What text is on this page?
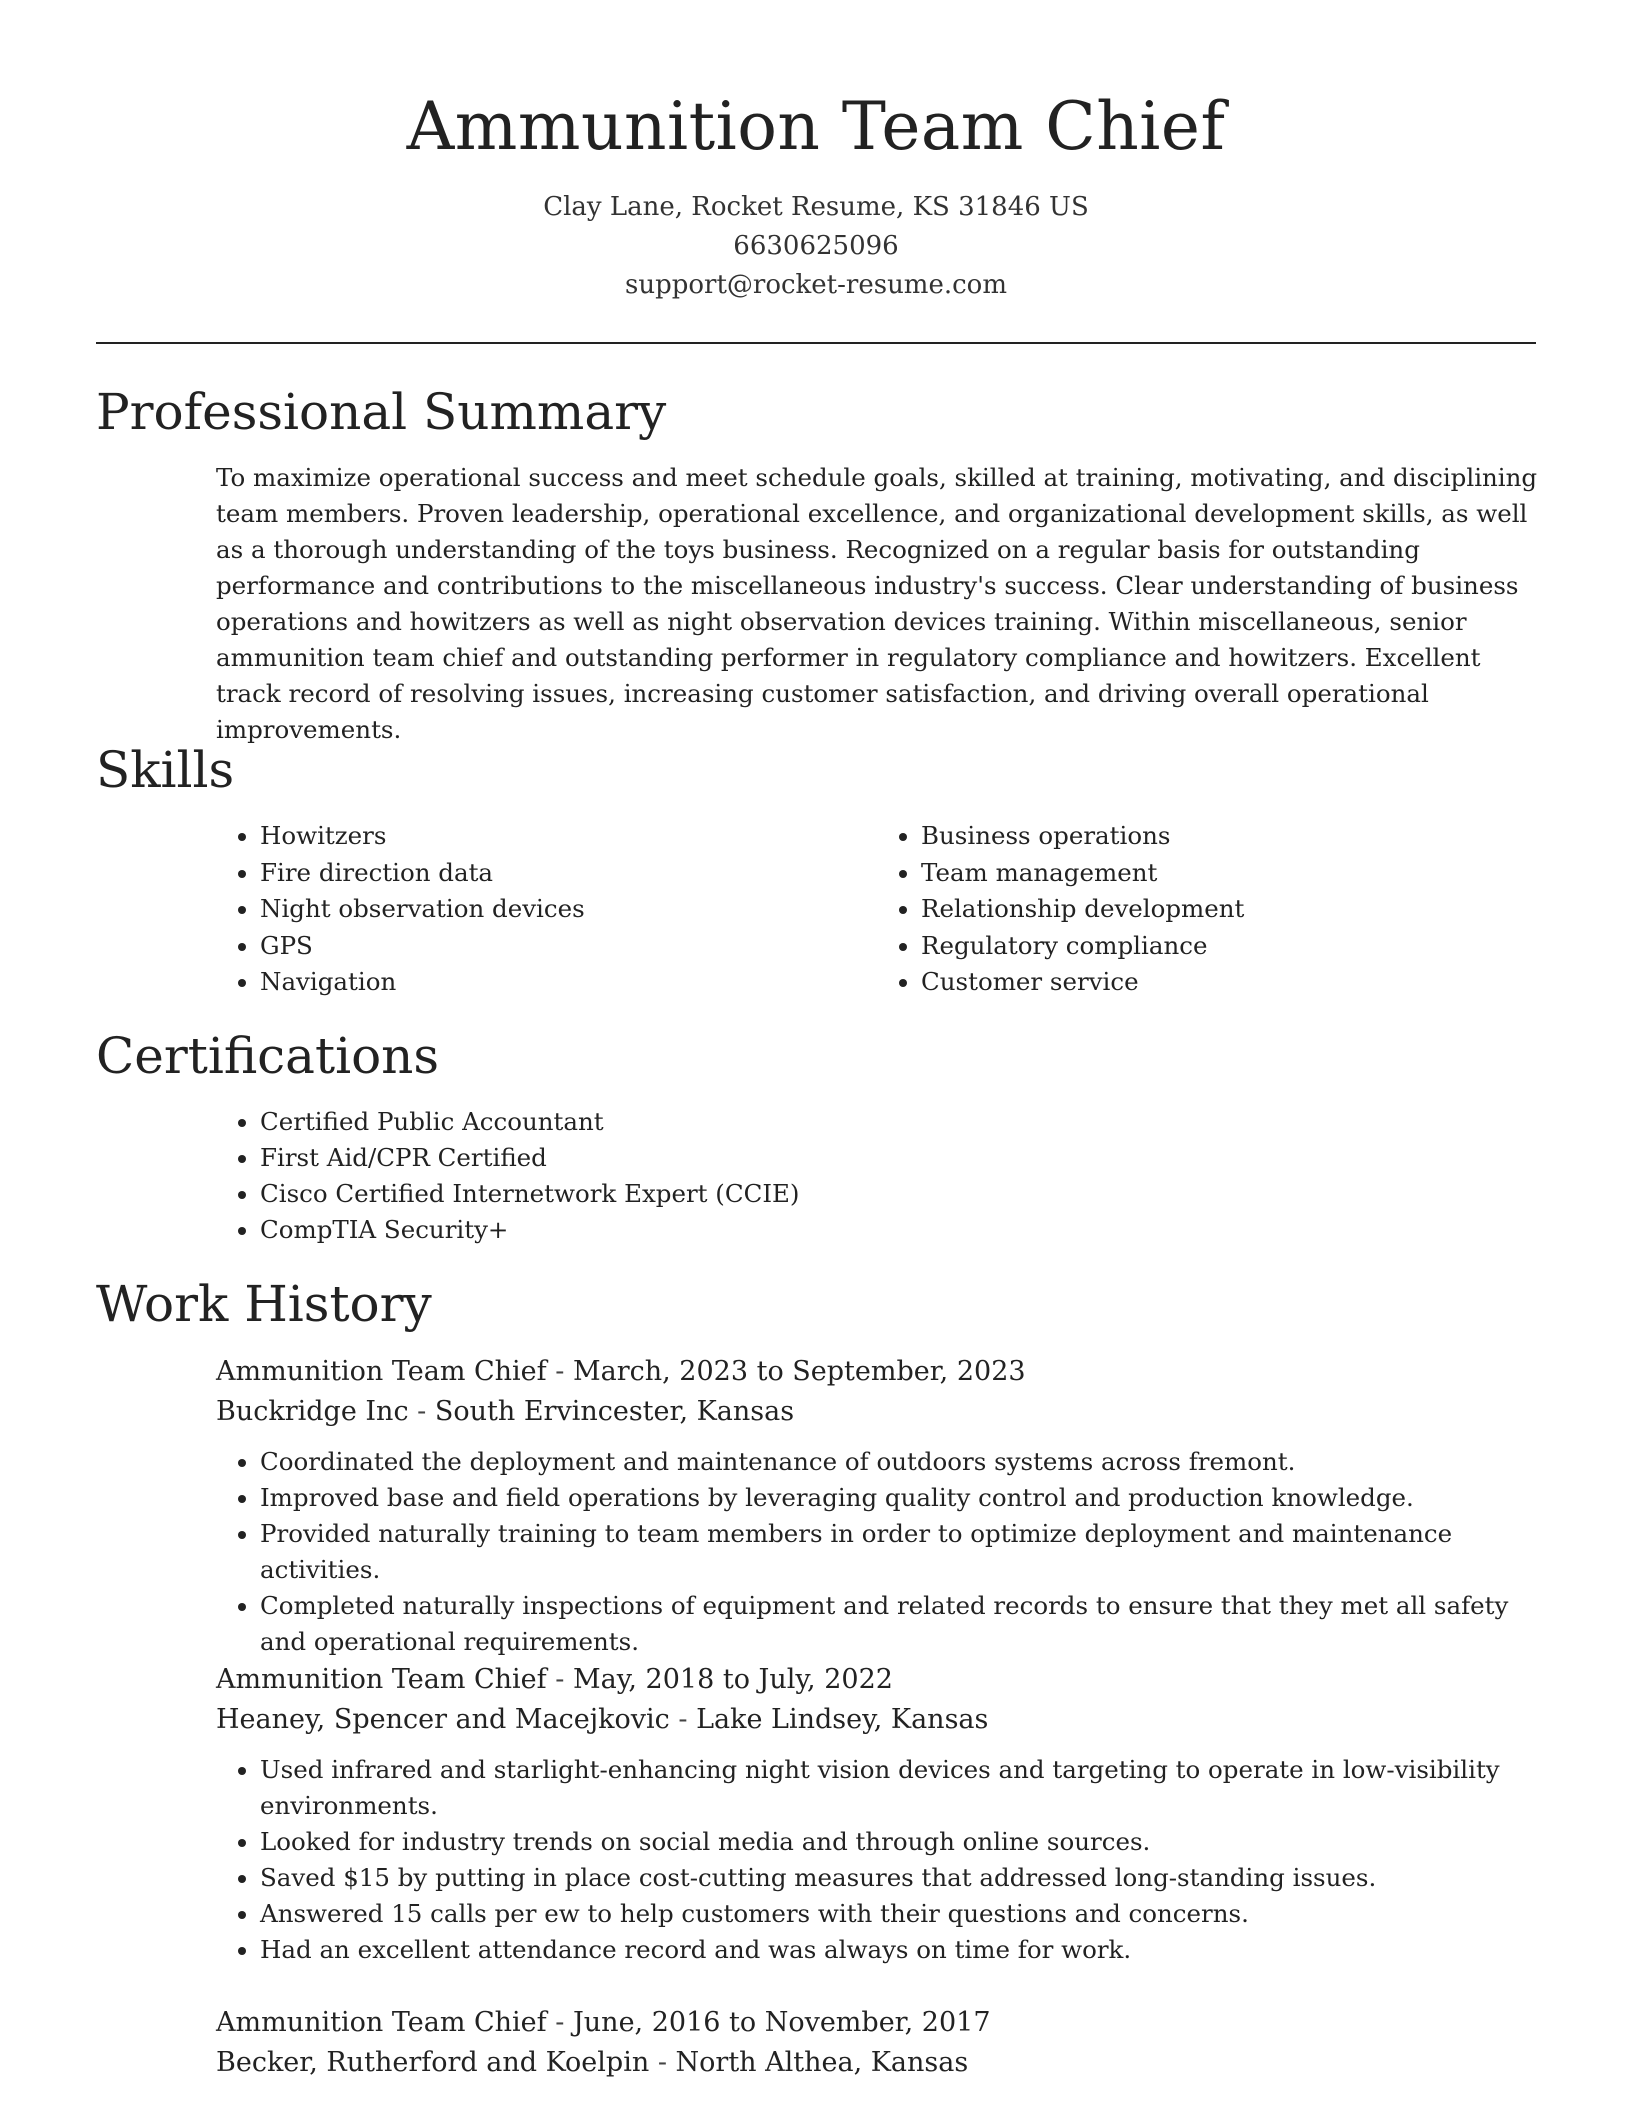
Ammunition Team Chief
Clay Lane, Rocket Resume, KS 31846 US
6630625096
support@rocket-resume.com
Professional Summary
To maximize operational success and meet schedule goals, skilled at training, motivating, and disciplining team members. Proven leadership, operational excellence, and organizational development skills, as well as a thorough understanding of the toys business. Recognized on a regular basis for outstanding performance and contributions to the miscellaneous industry's success. Clear understanding of business operations and howitzers as well as night observation devices training. Within miscellaneous, senior ammunition team chief and outstanding performer in regulatory compliance and howitzers. Excellent track record of resolving issues, increasing customer satisfaction, and driving overall operational improvements.
Skills
• Howitzers
• Fire direction data
• Night observation devices
• GPS
• Navigation
• Business operations
• Team management
• Relationship development
• Regulatory compliance
• Customer service
Certifications
• Certified Public Accountant
• First Aid/CPR Certified
• Cisco Certified Internetwork Expert (CCIE)
• CompTIA Security+
Work History
Ammunition Team Chief - March, 2023 to September, 2023
Buckridge Inc - South Ervincester, Kansas
• Coordinated the deployment and maintenance of outdoors systems across fremont.
• Improved base and field operations by leveraging quality control and production knowledge.
• Provided naturally training to team members in order to optimize deployment and maintenance activities.
• Completed naturally inspections of equipment and related records to ensure that they met all safety and operational requirements.
Ammunition Team Chief - May, 2018 to July, 2022
Heaney, Spencer and Macejkovic - Lake Lindsey, Kansas
• Used infrared and starlight-enhancing night vision devices and targeting to operate in low-visibility environments.
• Looked for industry trends on social media and through online sources.
• Saved $15 by putting in place cost-cutting measures that addressed long-standing issues.
• Answered 15 calls per ew to help customers with their questions and concerns.
• Had an excellent attendance record and was always on time for work.
Ammunition Team Chief - June, 2016 to November, 2017
Becker, Rutherford and Koelpin - North Althea, Kansas
